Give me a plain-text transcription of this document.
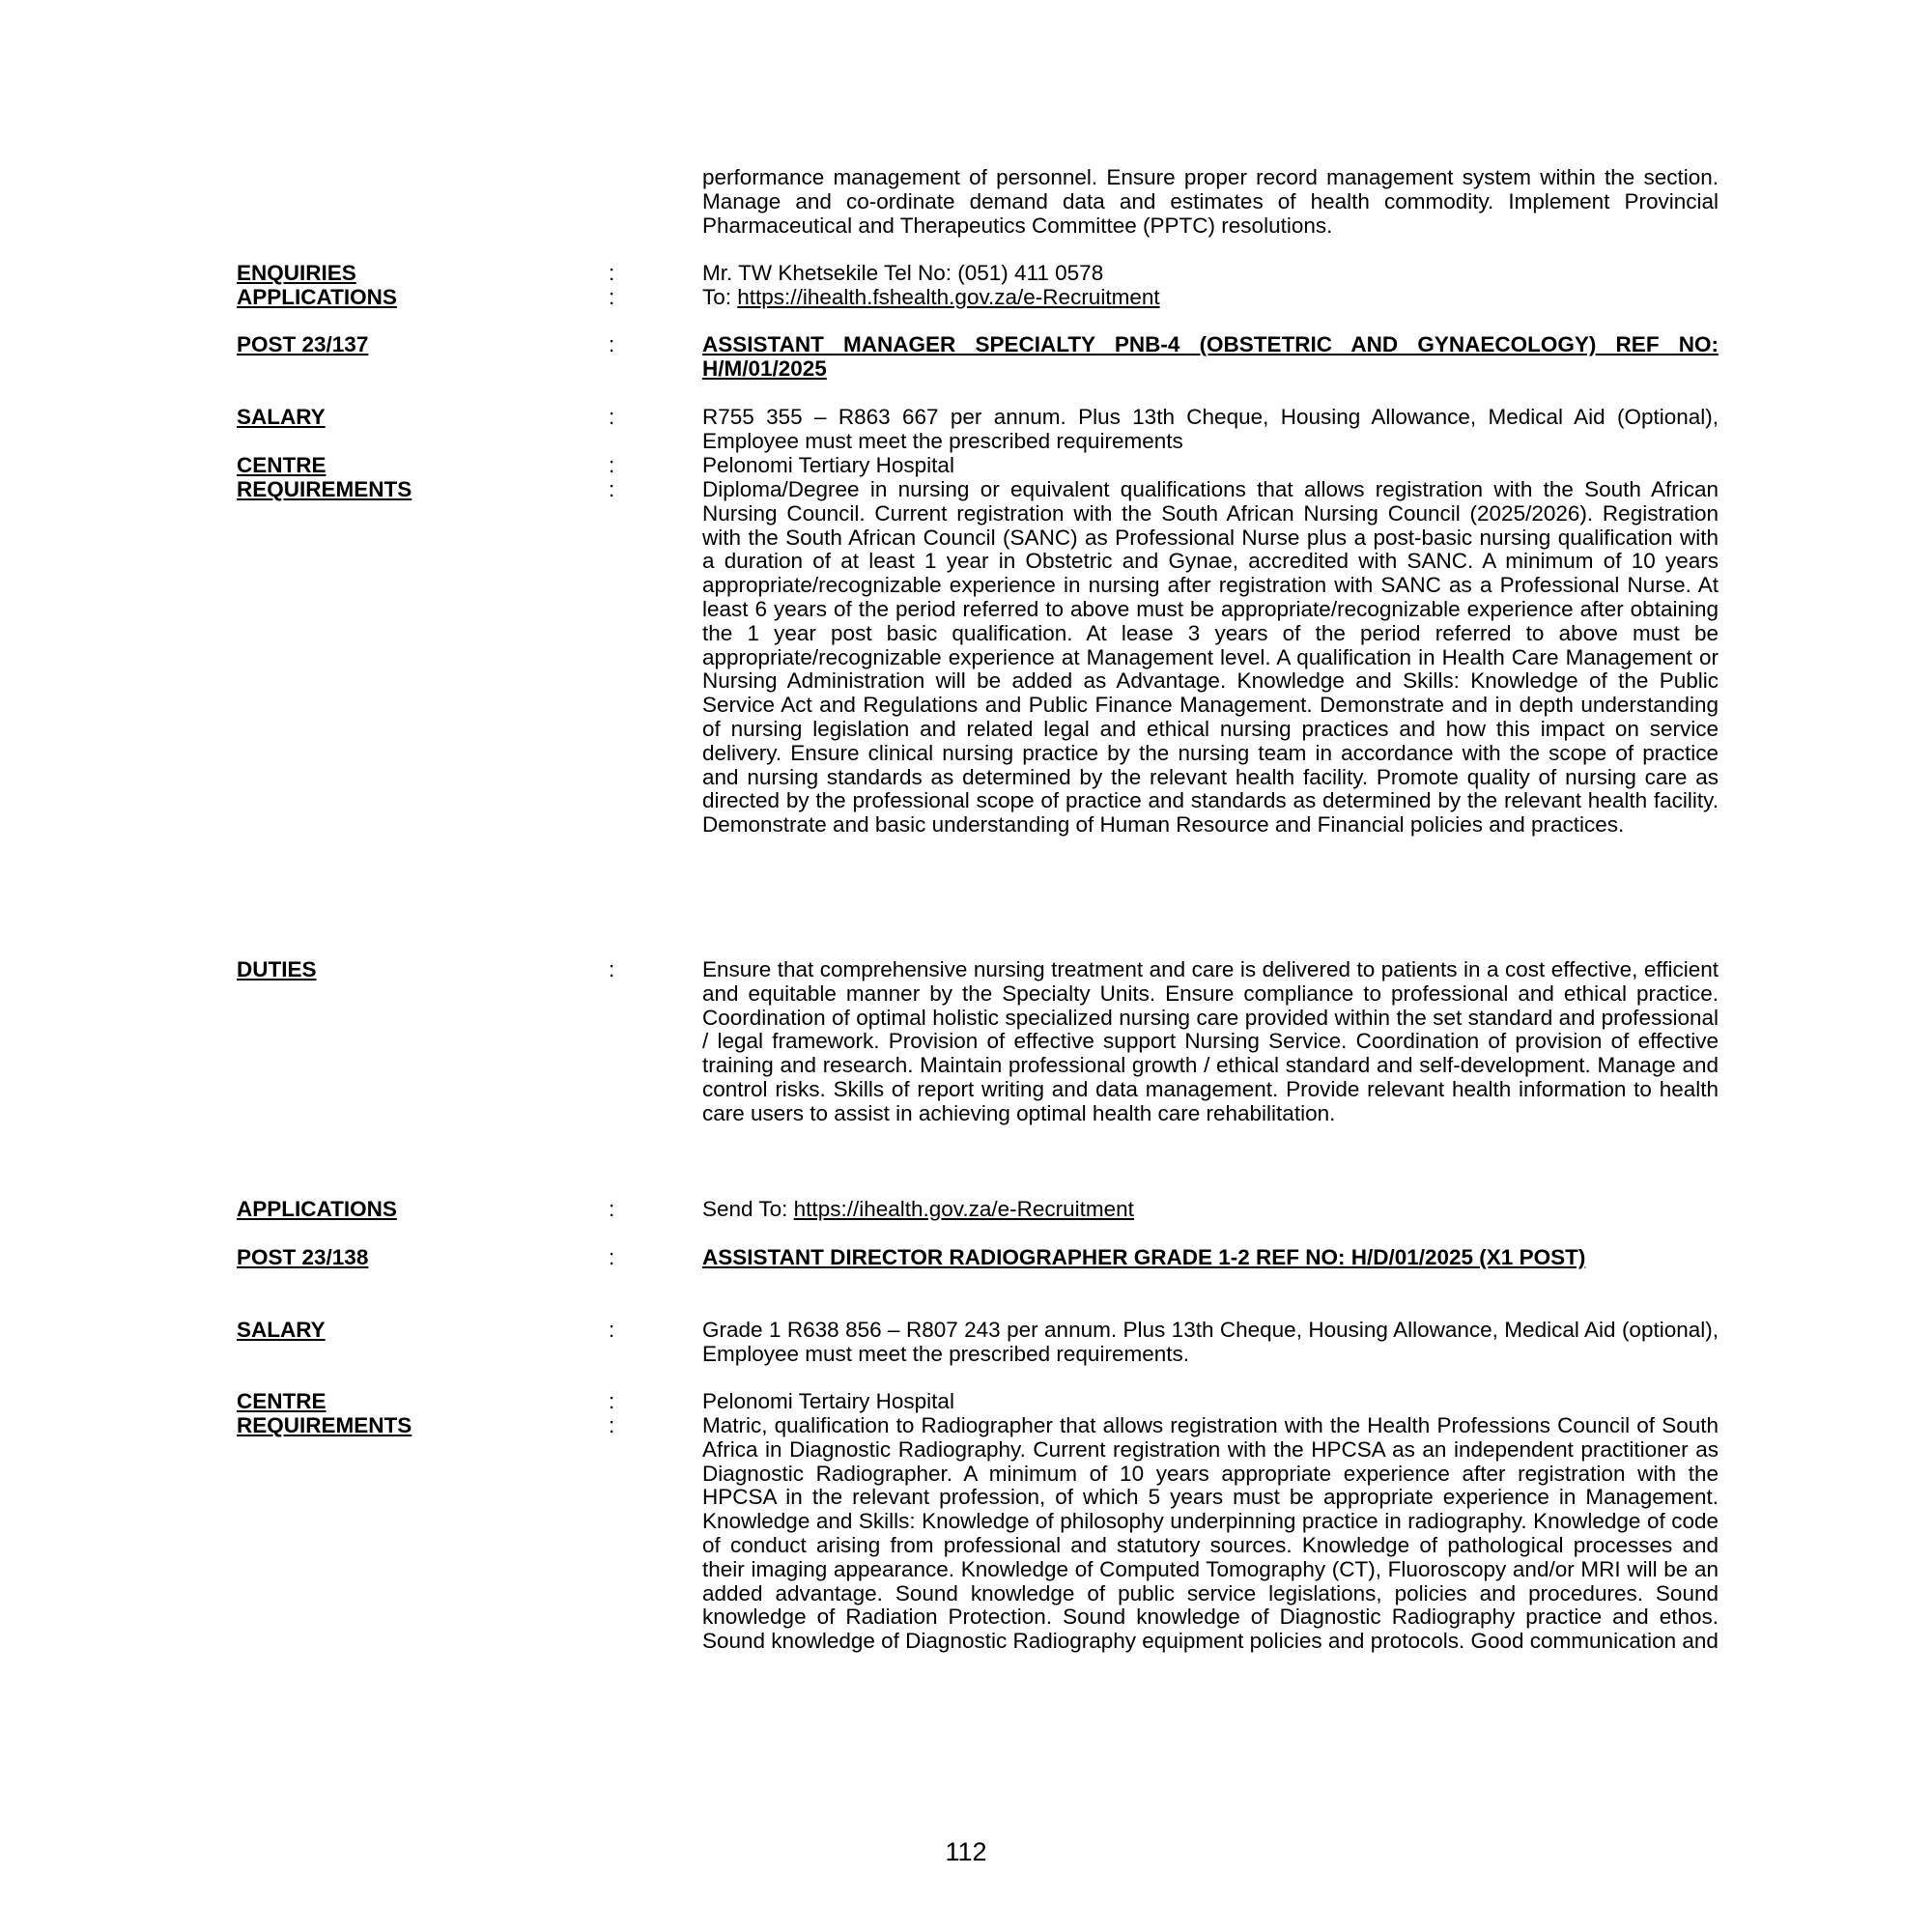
performance management of personnel. Ensure proper record management system within the section. Manage and co-ordinate demand data and estimates of health commodity. Implement Provincial Pharmaceutical and Therapeutics Committee (PPTC) resolutions.
ENQUIRIES	:	Mr. TW Khetsekile Tel No: (051) 411 0578
APPLICATIONS	:	To: https://ihealth.fshealth.gov.za/e-Recruitment
POST 23/137	:	ASSISTANT MANAGER SPECIALTY PNB-4 (OBSTETRIC AND GYNAECOLOGY) REF NO: H/M/01/2025
SALARY	:	R755 355 – R863 667 per annum. Plus 13th Cheque, Housing Allowance, Medical Aid (Optional), Employee must meet the prescribed requirements
CENTRE	:	Pelonomi Tertiary Hospital
REQUIREMENTS	:	Diploma/Degree in nursing or equivalent qualifications that allows registration with the South African Nursing Council. Current registration with the South African Nursing Council (2025/2026). Registration with the South African Council (SANC) as Professional Nurse plus a post-basic nursing qualification with a duration of at least 1 year in Obstetric and Gynae, accredited with SANC. A minimum of 10 years appropriate/recognizable experience in nursing after registration with SANC as a Professional Nurse. At least 6 years of the period referred to above must be appropriate/recognizable experience after obtaining the 1 year post basic qualification. At lease 3 years of the period referred to above must be appropriate/recognizable experience at Management level. A qualification in Health Care Management or Nursing Administration will be added as Advantage. Knowledge and Skills: Knowledge of the Public Service Act and Regulations and Public Finance Management. Demonstrate and in depth understanding of nursing legislation and related legal and ethical nursing practices and how this impact on service delivery. Ensure clinical nursing practice by the nursing team in accordance with the scope of practice and nursing standards as determined by the relevant health facility. Promote quality of nursing care as directed by the professional scope of practice and standards as determined by the relevant health facility. Demonstrate and basic understanding of Human Resource and Financial policies and practices.
DUTIES	:	Ensure that comprehensive nursing treatment and care is delivered to patients in a cost effective, efficient and equitable manner by the Specialty Units. Ensure compliance to professional and ethical practice. Coordination of optimal holistic specialized nursing care provided within the set standard and professional / legal framework. Provision of effective support Nursing Service. Coordination of provision of effective training and research. Maintain professional growth / ethical standard and self-development. Manage and control risks. Skills of report writing and data management. Provide relevant health information to health care users to assist in achieving optimal health care rehabilitation.
APPLICATIONS	:	Send To: https://ihealth.gov.za/e-Recruitment
POST 23/138	:	ASSISTANT DIRECTOR RADIOGRAPHER GRADE 1-2 REF NO: H/D/01/2025 (X1 POST)
SALARY	:	Grade 1 R638 856 – R807 243 per annum. Plus 13th Cheque, Housing Allowance, Medical Aid (optional), Employee must meet the prescribed requirements.
CENTRE	:	Pelonomi Tertairy Hospital
REQUIREMENTS	:	Matric, qualification to Radiographer that allows registration with the Health Professions Council of South Africa in Diagnostic Radiography. Current registration with the HPCSA as an independent practitioner as Diagnostic Radiographer. A minimum of 10 years appropriate experience after registration with the HPCSA in the relevant profession, of which 5 years must be appropriate experience in Management. Knowledge and Skills: Knowledge of philosophy underpinning practice in radiography. Knowledge of code of conduct arising from professional and statutory sources. Knowledge of pathological processes and their imaging appearance. Knowledge of Computed Tomography (CT), Fluoroscopy and/or MRI will be an added advantage. Sound knowledge of public service legislations, policies and procedures. Sound knowledge of Radiation Protection. Sound knowledge of Diagnostic Radiography practice and ethos. Sound knowledge of Diagnostic Radiography equipment policies and protocols. Good communication and
112
